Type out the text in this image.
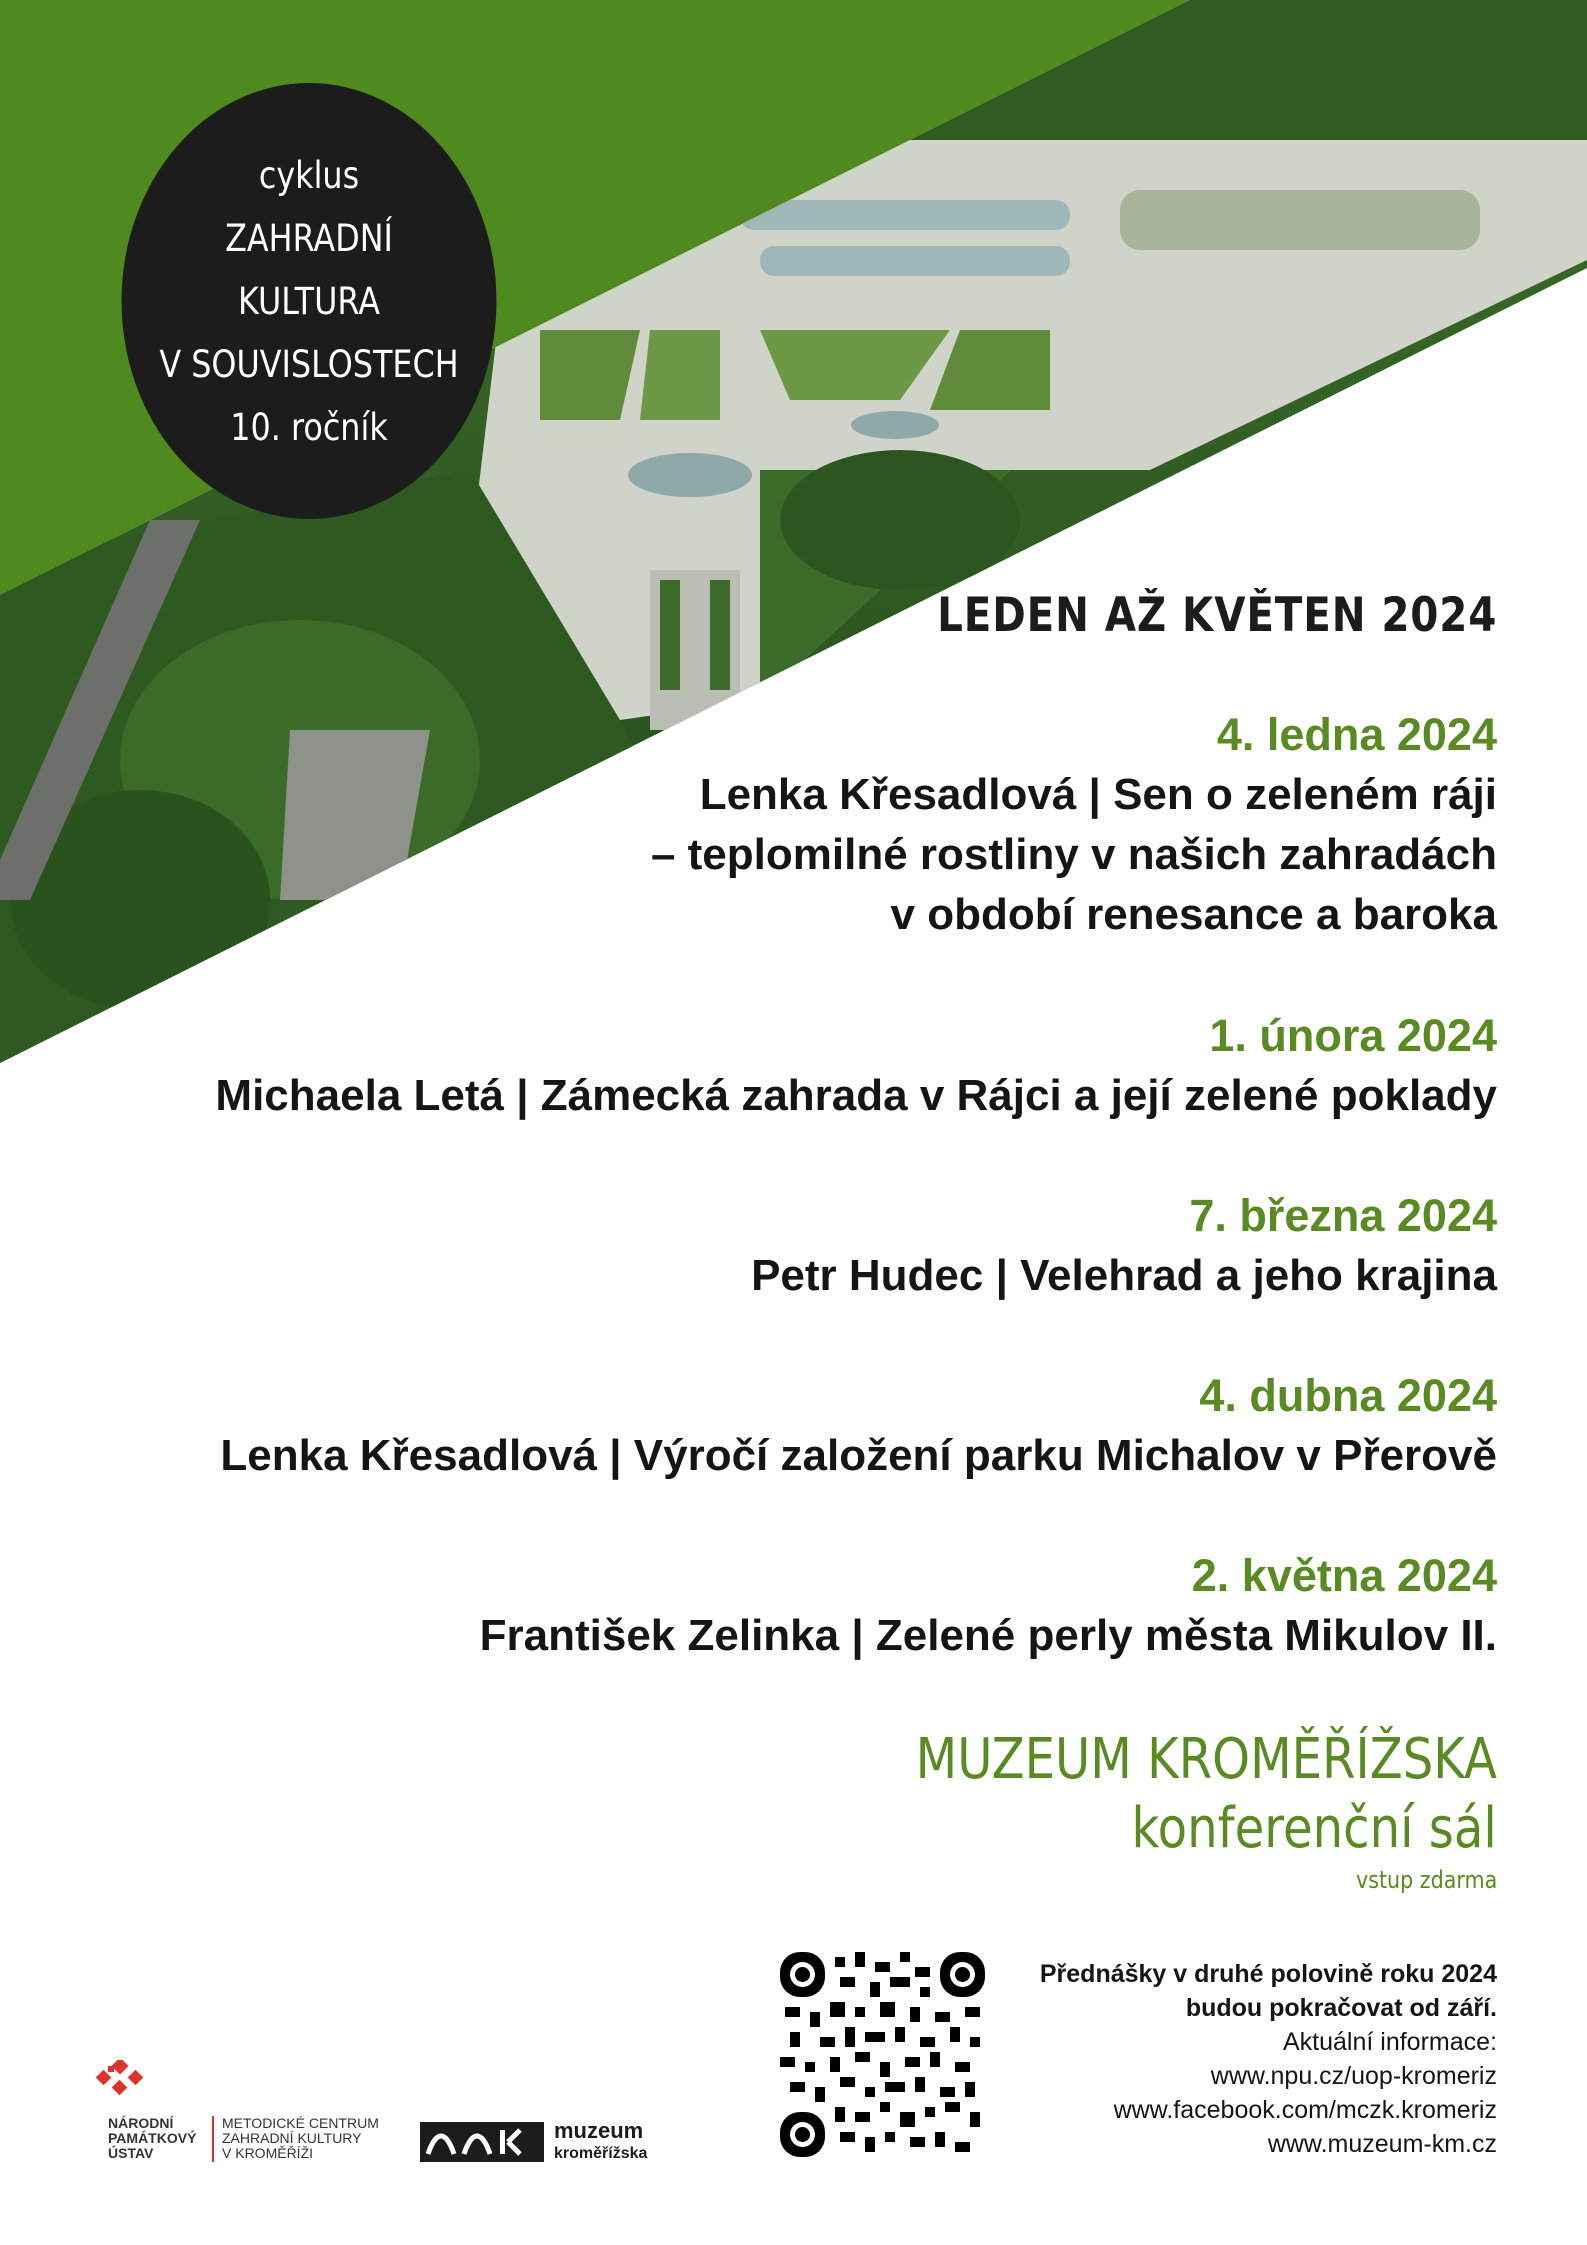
cyklus
ZAHRADNÍ
KULTURA
V SOUVISLOSTECH
10. ročník
LEDEN AŽ KVĚTEN 2024
4. ledna 2024
Lenka Křesadlová | Sen o zeleném ráji
– teplomilné rostliny v našich zahradách
v období renesance a baroka
1. února 2024
Michaela Letá | Zámecká zahrada v Rájci a její zelené poklady
7. března 2024
Petr Hudec | Velehrad a jeho krajina
4. dubna 2024
Lenka Křesadlová | Výročí založení parku Michalov v Přerově
2. května 2024
František Zelinka | Zelené perly města Mikulov II.
MUZEUM KROMĚŘÍŽSKA
konferenční sál
vstup zdarma
Přednášky v druhé polovině roku 2024
budou pokračovat od září.
Aktuální informace:
www.npu.cz/uop-kromeriz
www.facebook.com/mczk.kromeriz
www.muzeum-km.cz
NÁRODNÍ
PAMÁTKOVÝ
ÚSTAV
METODICKÉ CENTRUM
ZAHRADNÍ KULTURY
V KROMĚŘÍŽI
muzeum
kroměřížska
